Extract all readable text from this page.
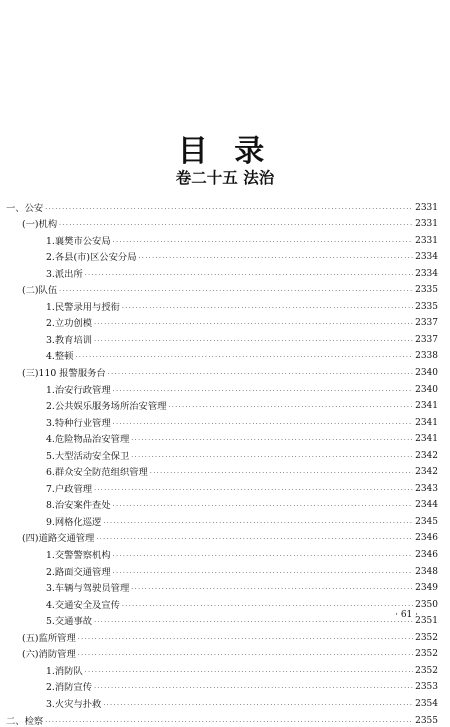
目 录
卷二十五 法治
一、公安 ·····	2331
(一)机构 ·····	2331
1.襄樊市公安局 ·····	2331
2.各县(市)区公安分局 ·····	2334
3.派出所 ·····	2334
(二)队伍 ·····	2335
1.民警录用与授衔 ·····	2335
2.立功创模 ·····	2337
3.教育培训 ·····	2337
4.整顿 ·····	2338
(三)110 报警服务台 ·····	2340
1.治安行政管理 ·····	2340
2.公共娱乐服务场所治安管理 ·····	2341
3.特种行业管理 ·····	2341
4.危险物品治安管理 ·····	2341
5.大型活动安全保卫 ·····	2342
6.群众安全防范组织管理 ·····	2342
7.户政管理 ·····	2343
8.治安案件查处 ·····	2344
9.网格化巡逻 ·····	2345
(四)道路交通管理 ·····	2346
1.交警警察机构 ·····	2346
2.路面交通管理 ·····	2348
3.车辆与驾驶员管理 ·····	2349
4.交通安全及宣传 ·····	2350
5.交通事故 ·····	2351
(五)监所管理 ·····	2352
(六)消防管理 ·····	2352
1.消防队 ·····	2352
2.消防宣传 ·····	2353
3.火灾与扑救 ·····	2354
二、检察 ·····	2355
· 61 ·
